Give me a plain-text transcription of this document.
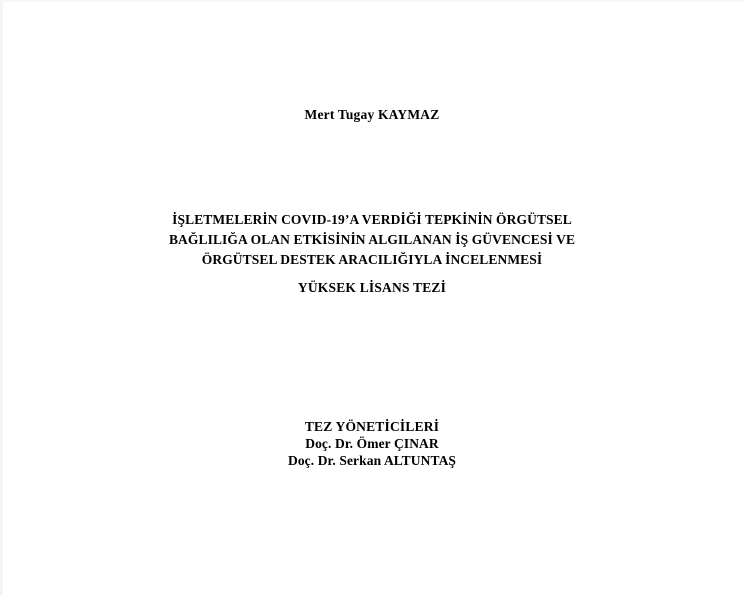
Mert Tugay KAYMAZ
İŞLETMELERİN COVID-19’A VERDİĞİ TEPKİNİN ÖRGÜTSEL
BAĞLILIĞA OLAN ETKİSİNİN ALGILANAN İŞ GÜVENCESİ VE
ÖRGÜTSEL DESTEK ARACILIĞIYLA İNCELENMESİ
YÜKSEK LİSANS TEZİ
TEZ YÖNETİCİLERİ
Doç. Dr. Ömer ÇINAR
Doç. Dr. Serkan ALTUNTAŞ
